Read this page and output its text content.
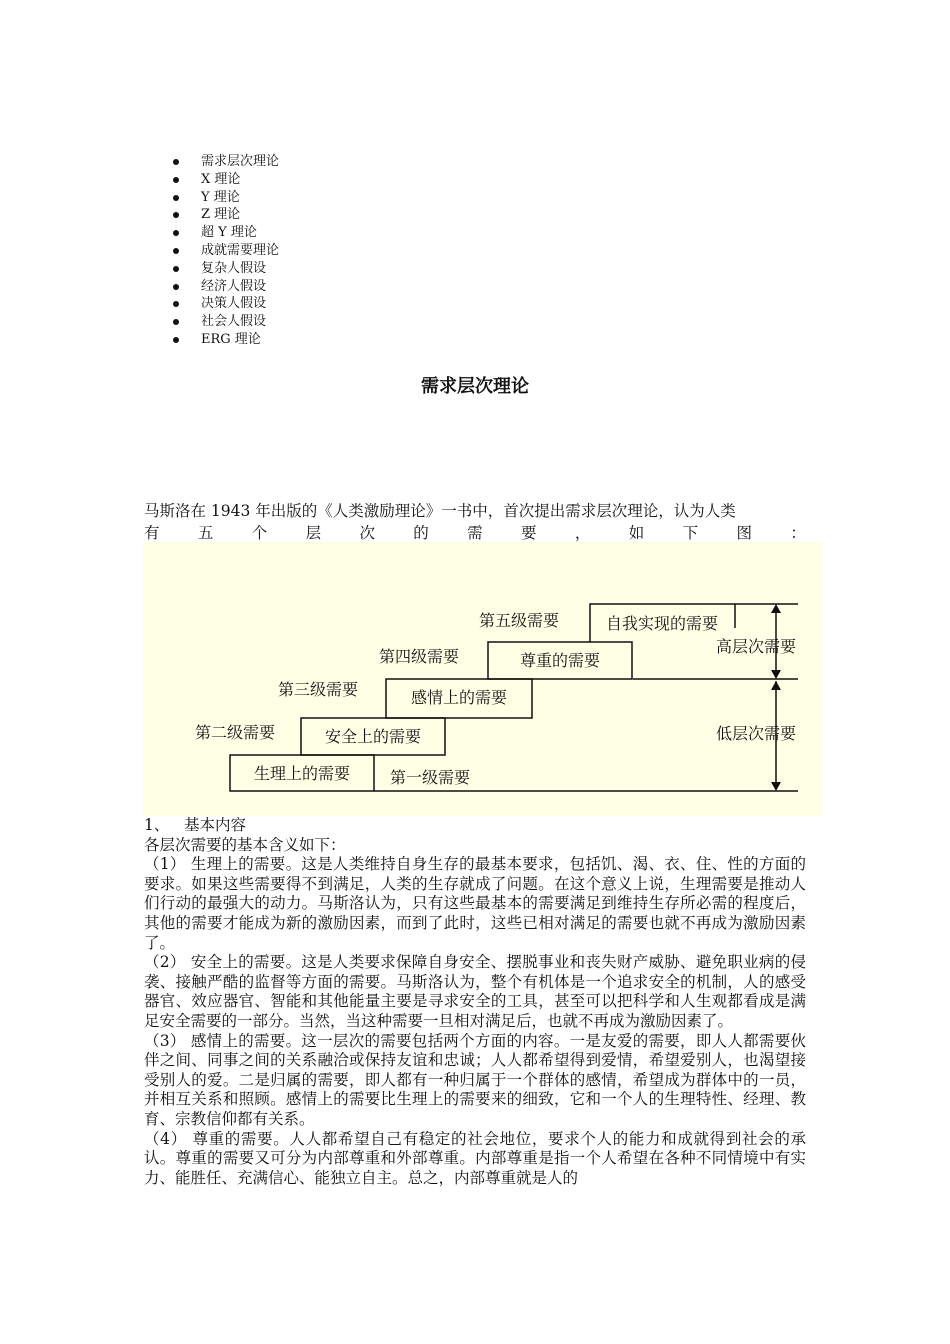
需求层次理论
X 理论
Y 理论
Z 理论
超 Y 理论
成就需要理论
复杂人假设
经济人假设
决策人假设
社会人假设
ERG 理论
需求层次理论
马斯洛在 1943 年出版的《人类激励理论》一书中，首次提出需求层次理论，认为人类
有 五 个 层 次 的 需 要 ， 如 下 图 ：
生理上的需要
安全上的需要
感情上的需要
尊重的需要
自我实现的需要
第一级需要
第二级需要
第三级需要
第四级需要
第五级需要
高层次需要
低层次需要
1、 基本内容

各层次需要的基本含义如下：

（1） 生理上的需要。这是人类维持自身生存的最基本要求，包括饥、渴、衣、住、性的方面的要求。如果这些需要得不到满足，人类的生存就成了问题。在这个意义上说，生理需要是推动人们行动的最强大的动力。马斯洛认为，只有这些最基本的需要满足到维持生存所必需的程度后，其他的需要才能成为新的激励因素，而到了此时，这些已相对满足的需要也就不再成为激励因素了。

（2） 安全上的需要。这是人类要求保障自身安全、摆脱事业和丧失财产威胁、避免职业病的侵袭、接触严酷的监督等方面的需要。马斯洛认为，整个有机体是一个追求安全的机制，人的感受器官、效应器官、智能和其他能量主要是寻求安全的工具，甚至可以把科学和人生观都看成是满足安全需要的一部分。当然，当这种需要一旦相对满足后，也就不再成为激励因素了。

（3） 感情上的需要。这一层次的需要包括两个方面的内容。一是友爱的需要，即人人都需要伙伴之间、同事之间的关系融洽或保持友谊和忠诚；人人都希望得到爱情，希望爱别人，也渴望接受别人的爱。二是归属的需要，即人都有一种归属于一个群体的感情，希望成为群体中的一员，并相互关系和照顾。感情上的需要比生理上的需要来的细致，它和一个人的生理特性、经理、教育、宗教信仰都有关系。

（4） 尊重的需要。人人都希望自己有稳定的社会地位，要求个人的能力和成就得到社会的承认。尊重的需要又可分为内部尊重和外部尊重。内部尊重是指一个人希望在各种不同情境中有实力、能胜任、充满信心、能独立自主。总之，内部尊重就是人的
